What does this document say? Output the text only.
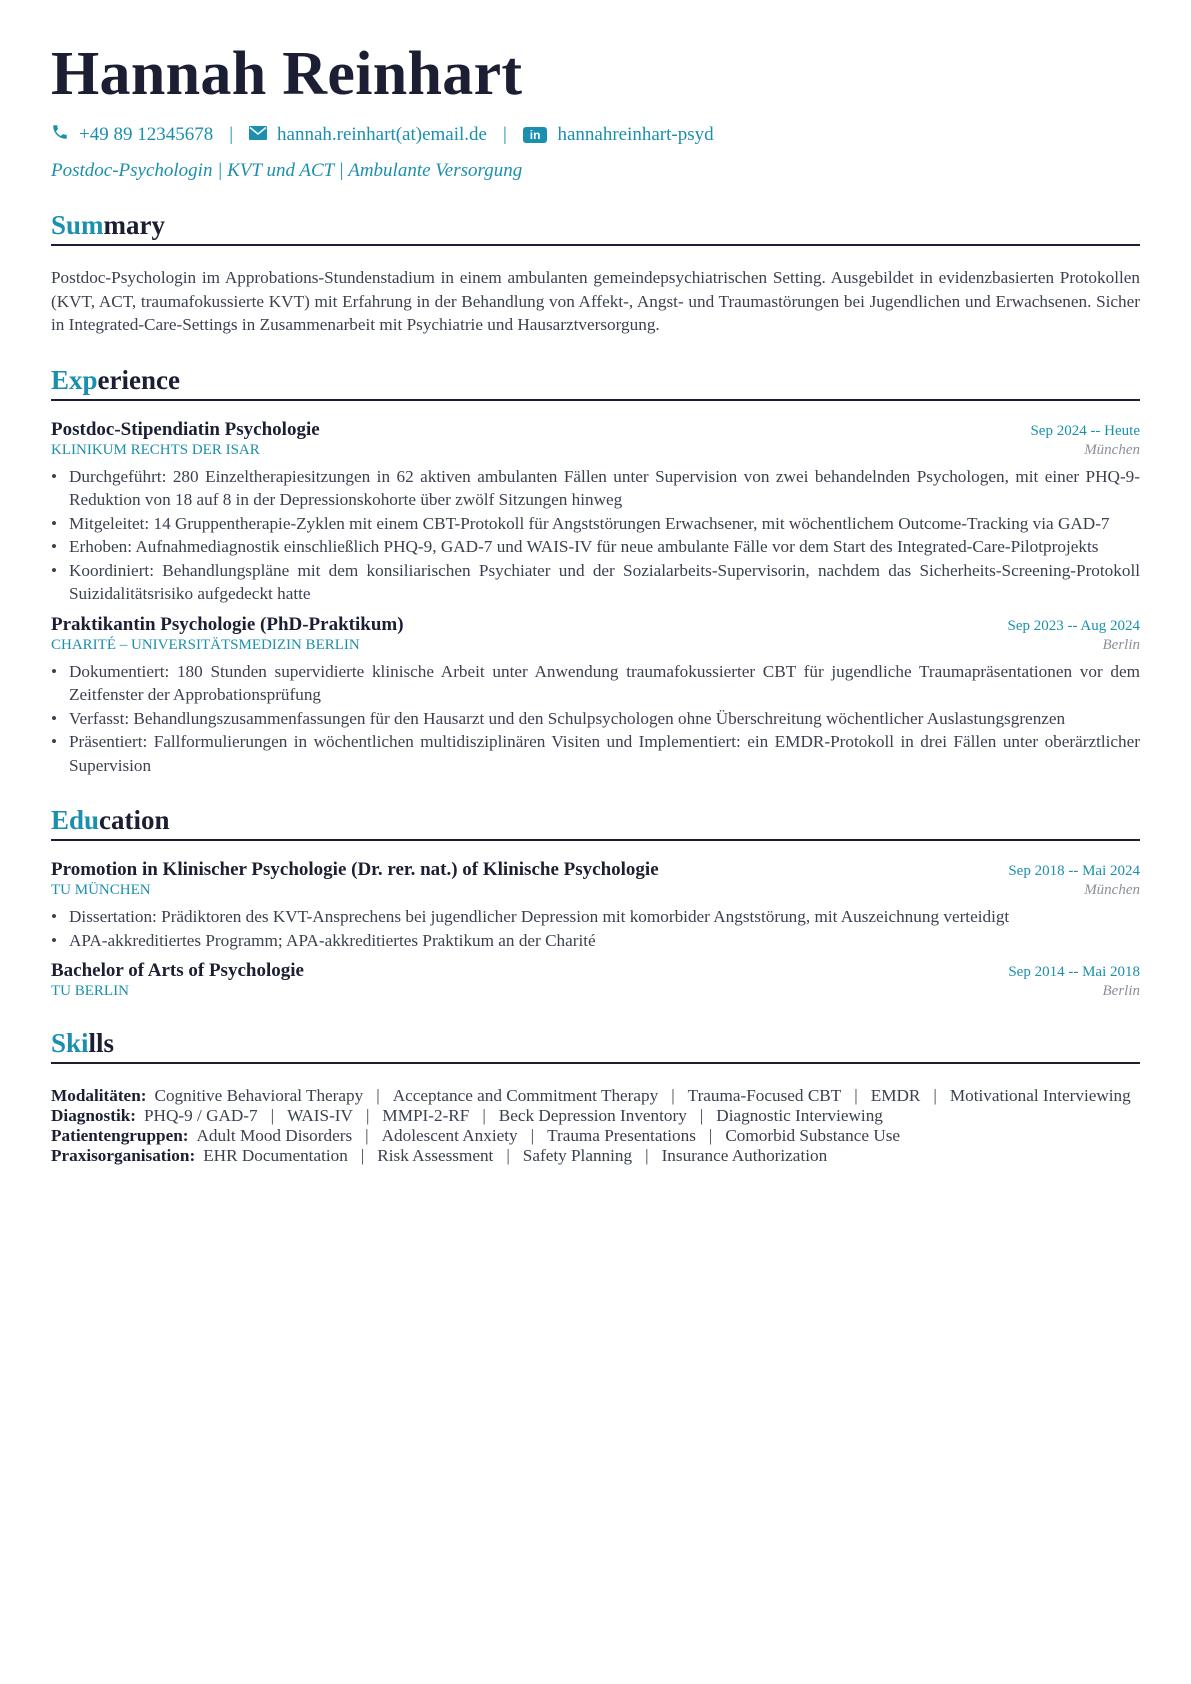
Hannah Reinhart
+49 89 12345678 | hannah.reinhart(at)email.de |	in hannahreinhart-psyd
Postdoc-Psychologin | KVT und ACT | Ambulante Versorgung
Summary
Postdoc-Psychologin im Approbations-Stundenstadium in einem ambulanten gemeindepsychiatrischen Setting. Ausgebildet in evidenzbasierten Protokollen (KVT, ACT, traumafokussierte KVT) mit Erfahrung in der Behandlung von Affekt-, Angst- und Traumastörungen bei Jugendlichen und Erwachsenen. Sicher in Integrated-Care-Settings in Zusammenarbeit mit Psychiatrie und Hausarztversorgung.
Experience
Postdoc-Stipendiatin Psychologie	Sep 2024 -- Heute
KLINIKUM RECHTS DER ISAR	München
• Durchgeführt: 280 Einzeltherapiesitzungen in 62 aktiven ambulanten Fällen unter Supervision von zwei behandelnden Psychologen, mit einer PHQ-9-Reduktion von 18 auf 8 in der Depressionskohorte über zwölf Sitzungen hinweg
• Mitgeleitet: 14 Gruppentherapie-Zyklen mit einem CBT-Protokoll für Angststörungen Erwachsener, mit wöchentlichem Outcome-Tracking via GAD-7
• Erhoben: Aufnahmediagnostik einschließlich PHQ-9, GAD-7 und WAIS-IV für neue ambulante Fälle vor dem Start des Integrated-Care-Pilotprojekts
• Koordiniert: Behandlungspläne mit dem konsiliarischen Psychiater und der Sozialarbeits-Supervisorin, nachdem das Sicherheits-Screening-Protokoll Suizidalitätsrisiko aufgedeckt hatte
Praktikantin Psychologie (PhD-Praktikum)	Sep 2023 -- Aug 2024
CHARITÉ – UNIVERSITÄTSMEDIZIN BERLIN	Berlin
• Dokumentiert: 180 Stunden supervidierte klinische Arbeit unter Anwendung traumafokussierter CBT für jugendliche Traumapräsentationen vor dem Zeitfenster der Approbationsprüfung
• Verfasst: Behandlungszusammenfassungen für den Hausarzt und den Schulpsychologen ohne Überschreitung wöchentlicher Auslastungsgrenzen
• Präsentiert: Fallformulierungen in wöchentlichen multidisziplinären Visiten und Implementiert: ein EMDR-Protokoll in drei Fällen unter oberärztlicher Supervision
Education
Promotion in Klinischer Psychologie (Dr. rer. nat.) of Klinische Psychologie	Sep 2018 -- Mai 2024
TU MÜNCHEN	München
• Dissertation: Prädiktoren des KVT-Ansprechens bei jugendlicher Depression mit komorbider Angststörung, mit Auszeichnung verteidigt
• APA-akkreditiertes Programm; APA-akkreditiertes Praktikum an der Charité
Bachelor of Arts of Psychologie	Sep 2014 -- Mai 2018
TU BERLIN	Berlin
Skills
Modalitäten: Cognitive Behavioral Therapy | Acceptance and Commitment Therapy | Trauma-Focused CBT | EMDR | Motivational Interviewing
Diagnostik: PHQ-9 / GAD-7 | WAIS-IV | MMPI-2-RF | Beck Depression Inventory | Diagnostic Interviewing
Patientengruppen: Adult Mood Disorders | Adolescent Anxiety | Trauma Presentations | Comorbid Substance Use
Praxisorganisation: EHR Documentation | Risk Assessment | Safety Planning | Insurance Authorization
